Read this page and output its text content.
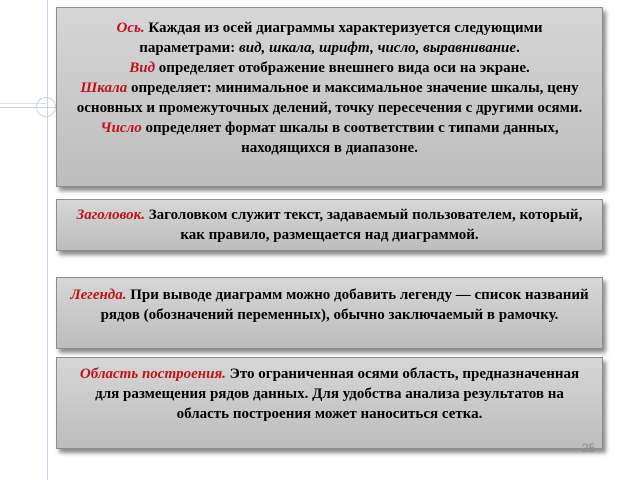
Ось. Каждая из осей диаграммы характеризуется следующими параметрами: вид, шкала, шрифт, число, выравнивание.
Вид определяет отображение внешнего вида оси на экране.
Шкала определяет: минимальное и максимальное значение шкалы, цену основных и промежуточных делений, точку пересечения с другими осями.
Число определяет формат шкалы в соответствии с типами данных, находящихся в диапазоне.
Заголовок. Заголовком служит текст, задаваемый пользователем, который, как правило, размещается над диаграммой.
Легенда. При выводе диаграмм можно добавить легенду — список названий рядов (обозначений переменных), обычно заключаемый в рамочку.
Область построения. Это ограниченная осями область, предназначенная для размещения рядов данных. Для удобства анализа результатов на область построения может наноситься сетка.
25
